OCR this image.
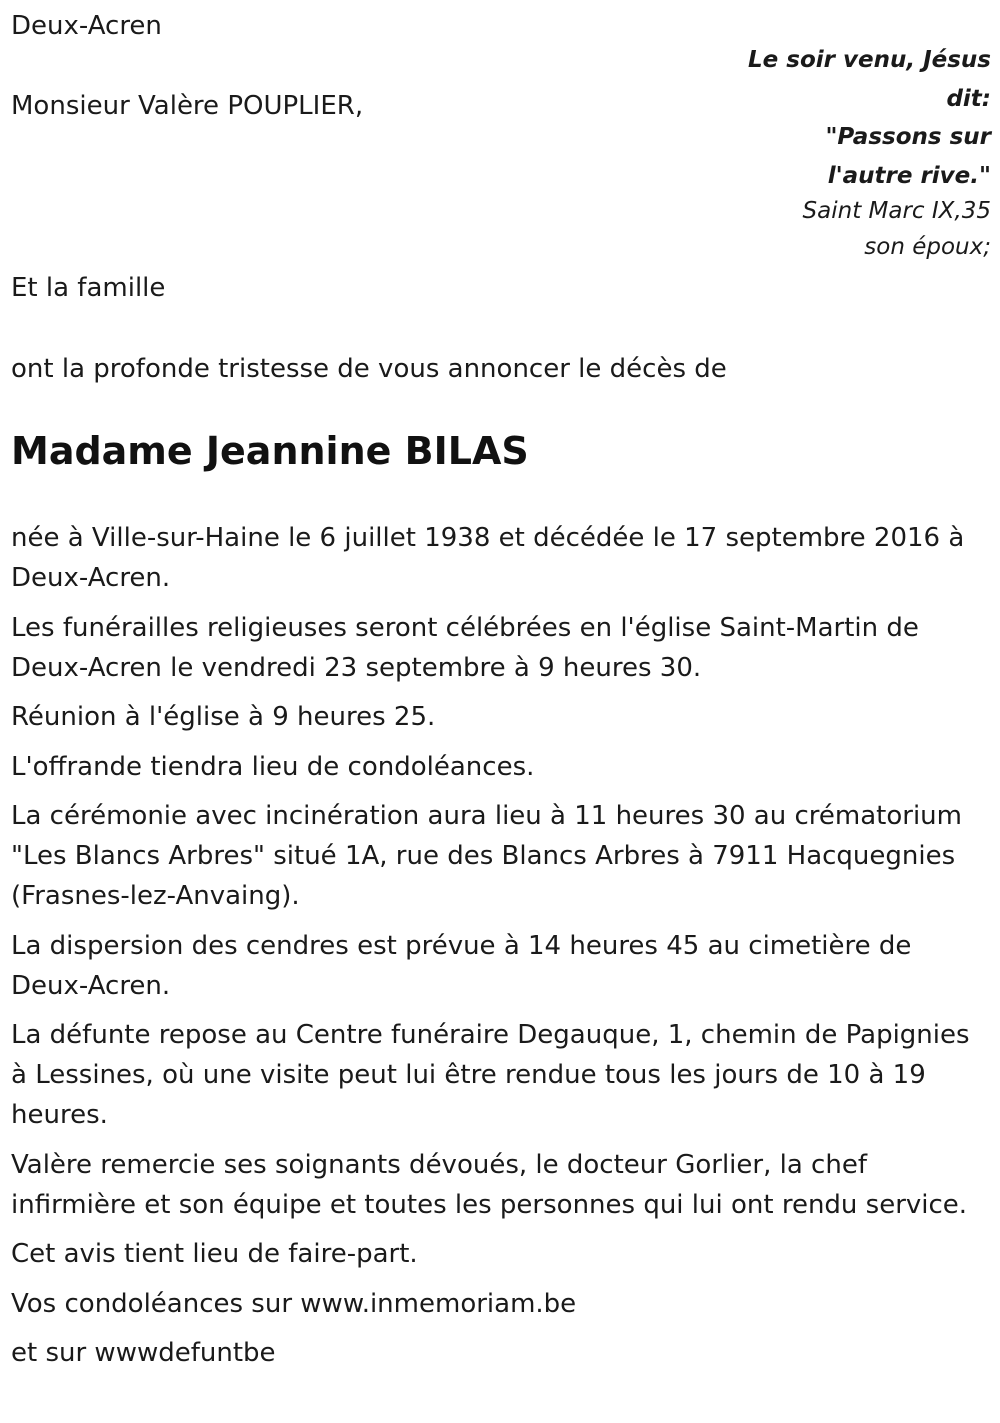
Deux-Acren

Monsieur Valère POUPLIER,

Le soir venu, Jésus
dit:
"Passons sur
l'autre rive."
Saint Marc IX,35
son époux;

Et la famille

ont la profonde tristesse de vous annoncer le décès de

Madame Jeannine BILAS

née à Ville-sur-Haine le 6 juillet 1938 et décédée le 17 septembre 2016 à Deux-Acren.

Les funérailles religieuses seront célébrées en l'église Saint-Martin de Deux-Acren le vendredi 23 septembre à 9 heures 30.

Réunion à l'église à 9 heures 25.

L'offrande tiendra lieu de condoléances.

La cérémonie avec incinération aura lieu à 11 heures 30 au crématorium "Les Blancs Arbres" situé 1A, rue des Blancs Arbres à 7911 Hacquegnies (Frasnes-lez-Anvaing).

La dispersion des cendres est prévue à 14 heures 45 au cimetière de Deux-Acren.

La défunte repose au Centre funéraire Degauque, 1, chemin de Papignies à Lessines, où une visite peut lui être rendue tous les jours de 10 à 19 heures.

Valère remercie ses soignants dévoués, le docteur Gorlier, la chef infirmière et son équipe et toutes les personnes qui lui ont rendu service.

Cet avis tient lieu de faire-part.

Vos condoléances sur www.inmemoriam.be

et sur wwwdefuntbe
